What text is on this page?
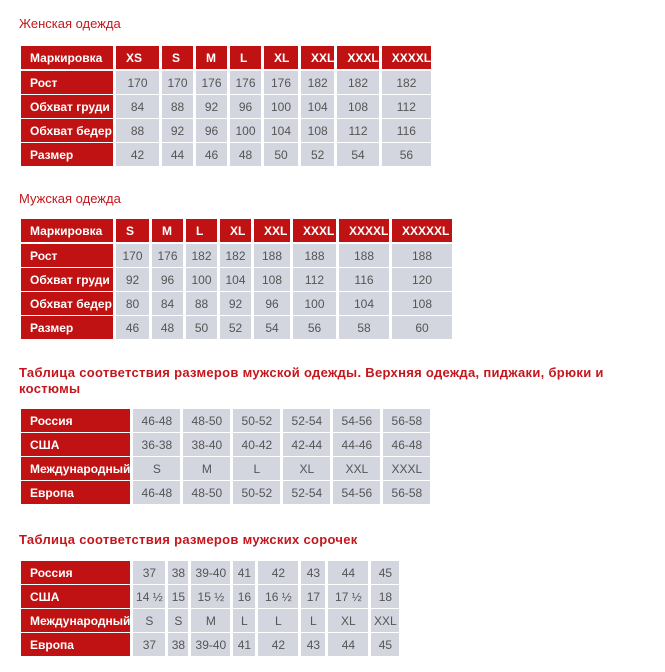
Женская одежда
Маркировка	XS	S	M	L	XL	XXL	XXXL	XXXXL
Рост	170	170	176	176	176	182	182	182
Обхват груди	84	88	92	96	100	104	108	112
Обхват бедер	88	92	96	100	104	108	112	116
Размер	42	44	46	48	50	52	54	56
Мужская одежда
Маркировка	S	M	L	XL	XXL	XXXL	XXXXL	XXXXXL
Рост	170	176	182	182	188	188	188	188
Обхват груди	92	96	100	104	108	112	116	120
Обхват бедер	80	84	88	92	96	100	104	108
Размер	46	48	50	52	54	56	58	60
Таблица соответствия размеров мужской одежды. Верхняя одежда, пиджаки, брюки и
костюмы
Россия	46-48	48-50	50-52	52-54	54-56	56-58
США	36-38	38-40	40-42	42-44	44-46	46-48
Международный	S	M	L	XL	XXL	XXXL
Европа	46-48	48-50	50-52	52-54	54-56	56-58
Таблица соответствия размеров мужских сорочек
Россия	37	38	39-40	41	42	43	44	45
США	14 ½	15	15 ½	16	16 ½	17	17 ½	18
Международный	S	S	M	L	L	L	XL	XXL
Европа	37	38	39-40	41	42	43	44	45
